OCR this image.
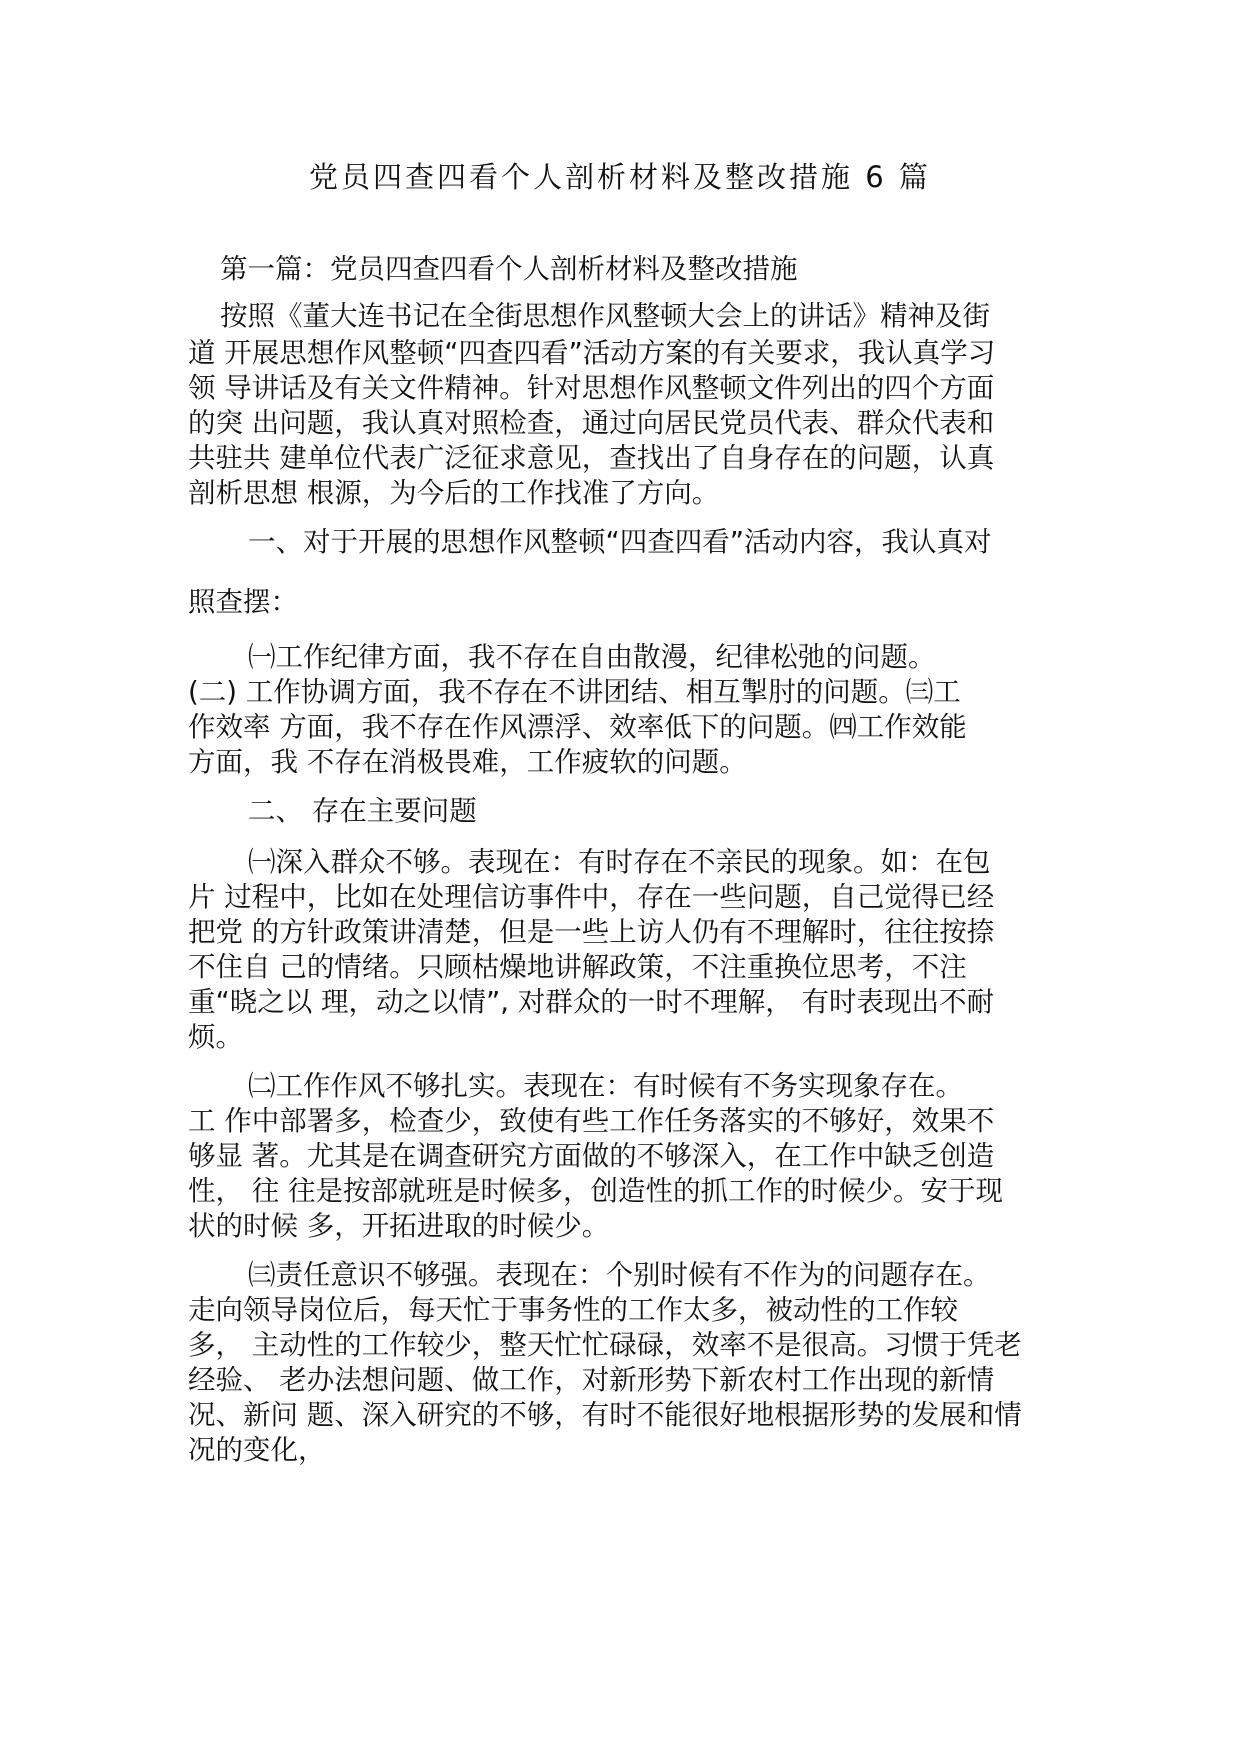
党员四查四看个人剖析材料及整改措施 6 篇

第一篇：党员四查四看个人剖析材料及整改措施

按照《董大连书记在全街思想作风整顿大会上的讲话》精神及街

道 开展思想作风整顿“四查四看”活动方案的有关要求，我认真学习

领 导讲话及有关文件精神。针对思想作风整顿文件列出的四个方面

的突 出问题，我认真对照检查，通过向居民党员代表、群众代表和

共驻共 建单位代表广泛征求意见，查找出了自身存在的问题，认真

剖析思想 根源，为今后的工作找准了方向。

一、对于开展的思想作风整顿“四查四看”活动内容，我认真对

照查摆：

㈠工作纪律方面，我不存在自由散漫，纪律松弛的问题。

(二) 工作协调方面，我不存在不讲团结、相互掣肘的问题。㈢工

作效率 方面，我不存在作风漂浮、效率低下的问题。㈣工作效能

方面，我 不存在消极畏难，工作疲软的问题。

二、 存在主要问题

㈠深入群众不够。表现在：有时存在不亲民的现象。如：在包

片 过程中，比如在处理信访事件中，存在一些问题，自己觉得已经

把党 的方针政策讲清楚，但是一些上访人仍有不理解时，往往按捺

不住自 己的情绪。只顾枯燥地讲解政策，不注重换位思考，不注

重“晓之以 理，动之以情”, 对群众的一时不理解， 有时表现出不耐

烦。

㈡工作作风不够扎实。表现在：有时候有不务实现象存在。

工 作中部署多，检查少，致使有些工作任务落实的不够好，效果不

够显 著。尤其是在调查研究方面做的不够深入，在工作中缺乏创造

性， 往 往是按部就班是时候多，创造性的抓工作的时候少。安于现

状的时候 多，开拓进取的时候少。

㈢责任意识不够强。表现在：个别时候有不作为的问题存在。

走向领导岗位后，每天忙于事务性的工作太多，被动性的工作较

多， 主动性的工作较少，整天忙忙碌碌，效率不是很高。习惯于凭老

经验、 老办法想问题、做工作，对新形势下新农村工作出现的新情

况、新问 题、深入研究的不够，有时不能很好地根据形势的发展和情

况的变化，
